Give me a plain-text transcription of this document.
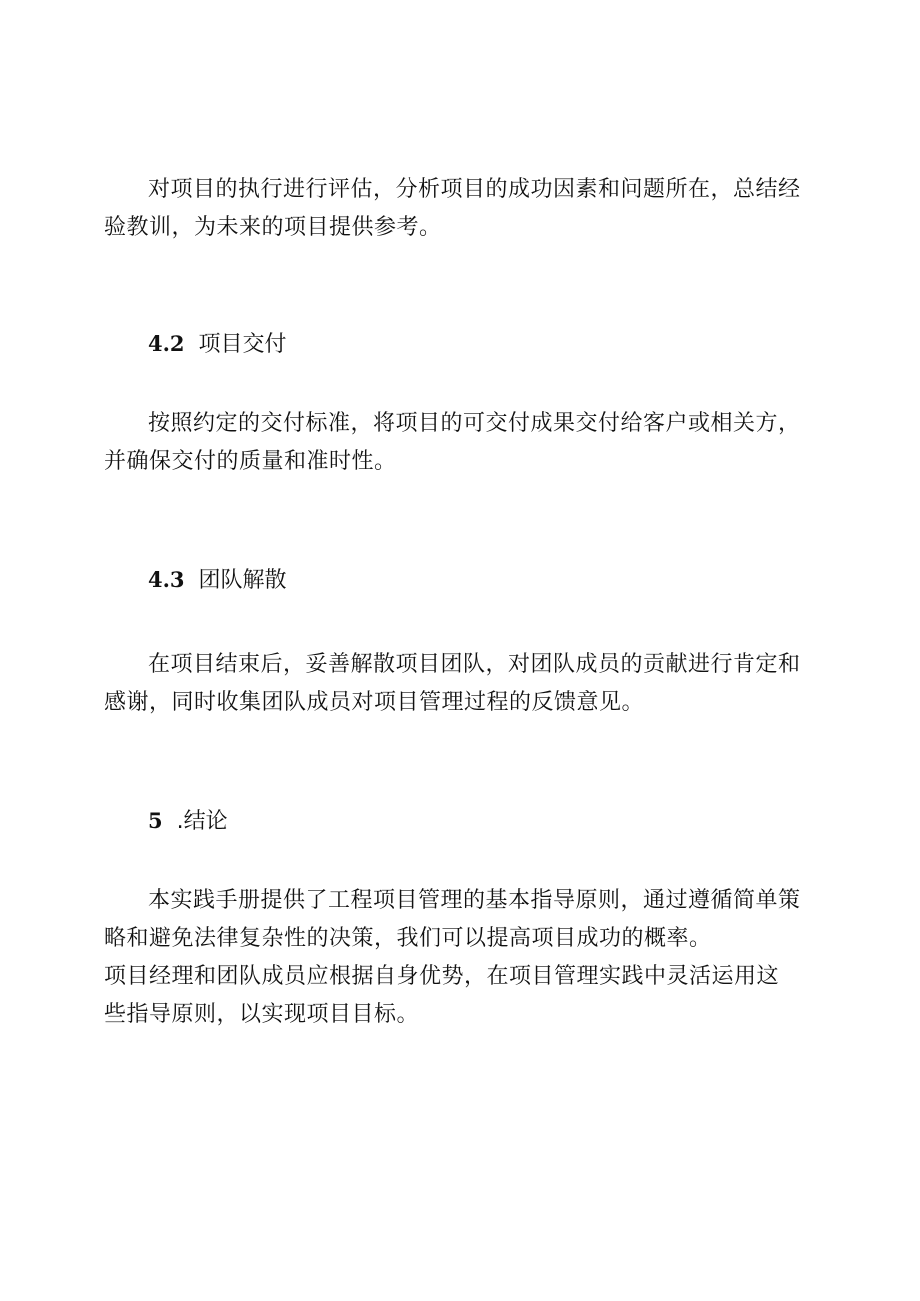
对项目的执行进行评估，分析项目的成功因素和问题所在，总结经
验教训，为未来的项目提供参考。

4.2 项目交付

按照约定的交付标准，将项目的可交付成果交付给客户或相关方，
并确保交付的质量和准时性。

4.3 团队解散

在项目结束后，妥善解散项目团队，对团队成员的贡献进行肯定和
感谢，同时收集团队成员对项目管理过程的反馈意见。

5 .结论

本实践手册提供了工程项目管理的基本指导原则，通过遵循简单策
略和避免法律复杂性的决策，我们可以提高项目成功的概率。
项目经理和团队成员应根据自身优势，在项目管理实践中灵活运用这
些指导原则，以实现项目目标。
